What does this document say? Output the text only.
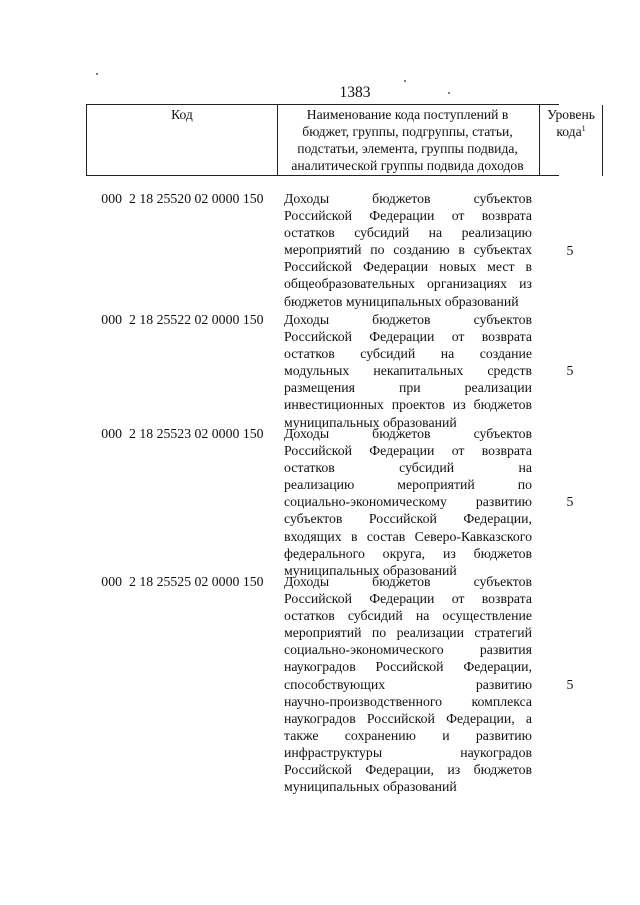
1383
Код	Наименование кода поступлений в
бюджет, группы, подгруппы, статьи,
подстатьи, элемента, группы подвида,
аналитической группы подвида доходов
Уровень
кода$^1$
000 2 18 25520 02 0000 150 Доходы бюджетов субъектов
Российской Федерации от возврата
остатков субсидий на реализацию
мероприятий по созданию в субъектах
Российской Федерации новых мест в
общеобразовательных организациях из
бюджетов муниципальных образований
5
000 2 18 25522 02 0000 150 Доходы бюджетов субъектов
Российской Федерации от возврата
остатков субсидий на создание
модульных некапитальных средств
размещения при реализации
инвестиционных проектов из бюджетов
муниципальных образований
5
000 2 18 25523 02 0000 150 Доходы бюджетов субъектов
Российской Федерации от возврата
остатков субсидий на
реализацию мероприятий по
социально-экономическому развитию
субъектов Российской Федерации,
входящих в состав Северо-Кавказского
федерального округа, из бюджетов
муниципальных образований
5
000 2 18 25525 02 0000 150 Доходы бюджетов субъектов
Российской Федерации от возврата
остатков субсидий на осуществление
мероприятий по реализации стратегий
социально-экономического развития
наукоградов Российской Федерации,
способствующих развитию
научно-производственного комплекса
наукоградов Российской Федерации, а
также сохранению и развитию
инфраструктуры наукоградов
Российской Федерации, из бюджетов
муниципальных образований
5
